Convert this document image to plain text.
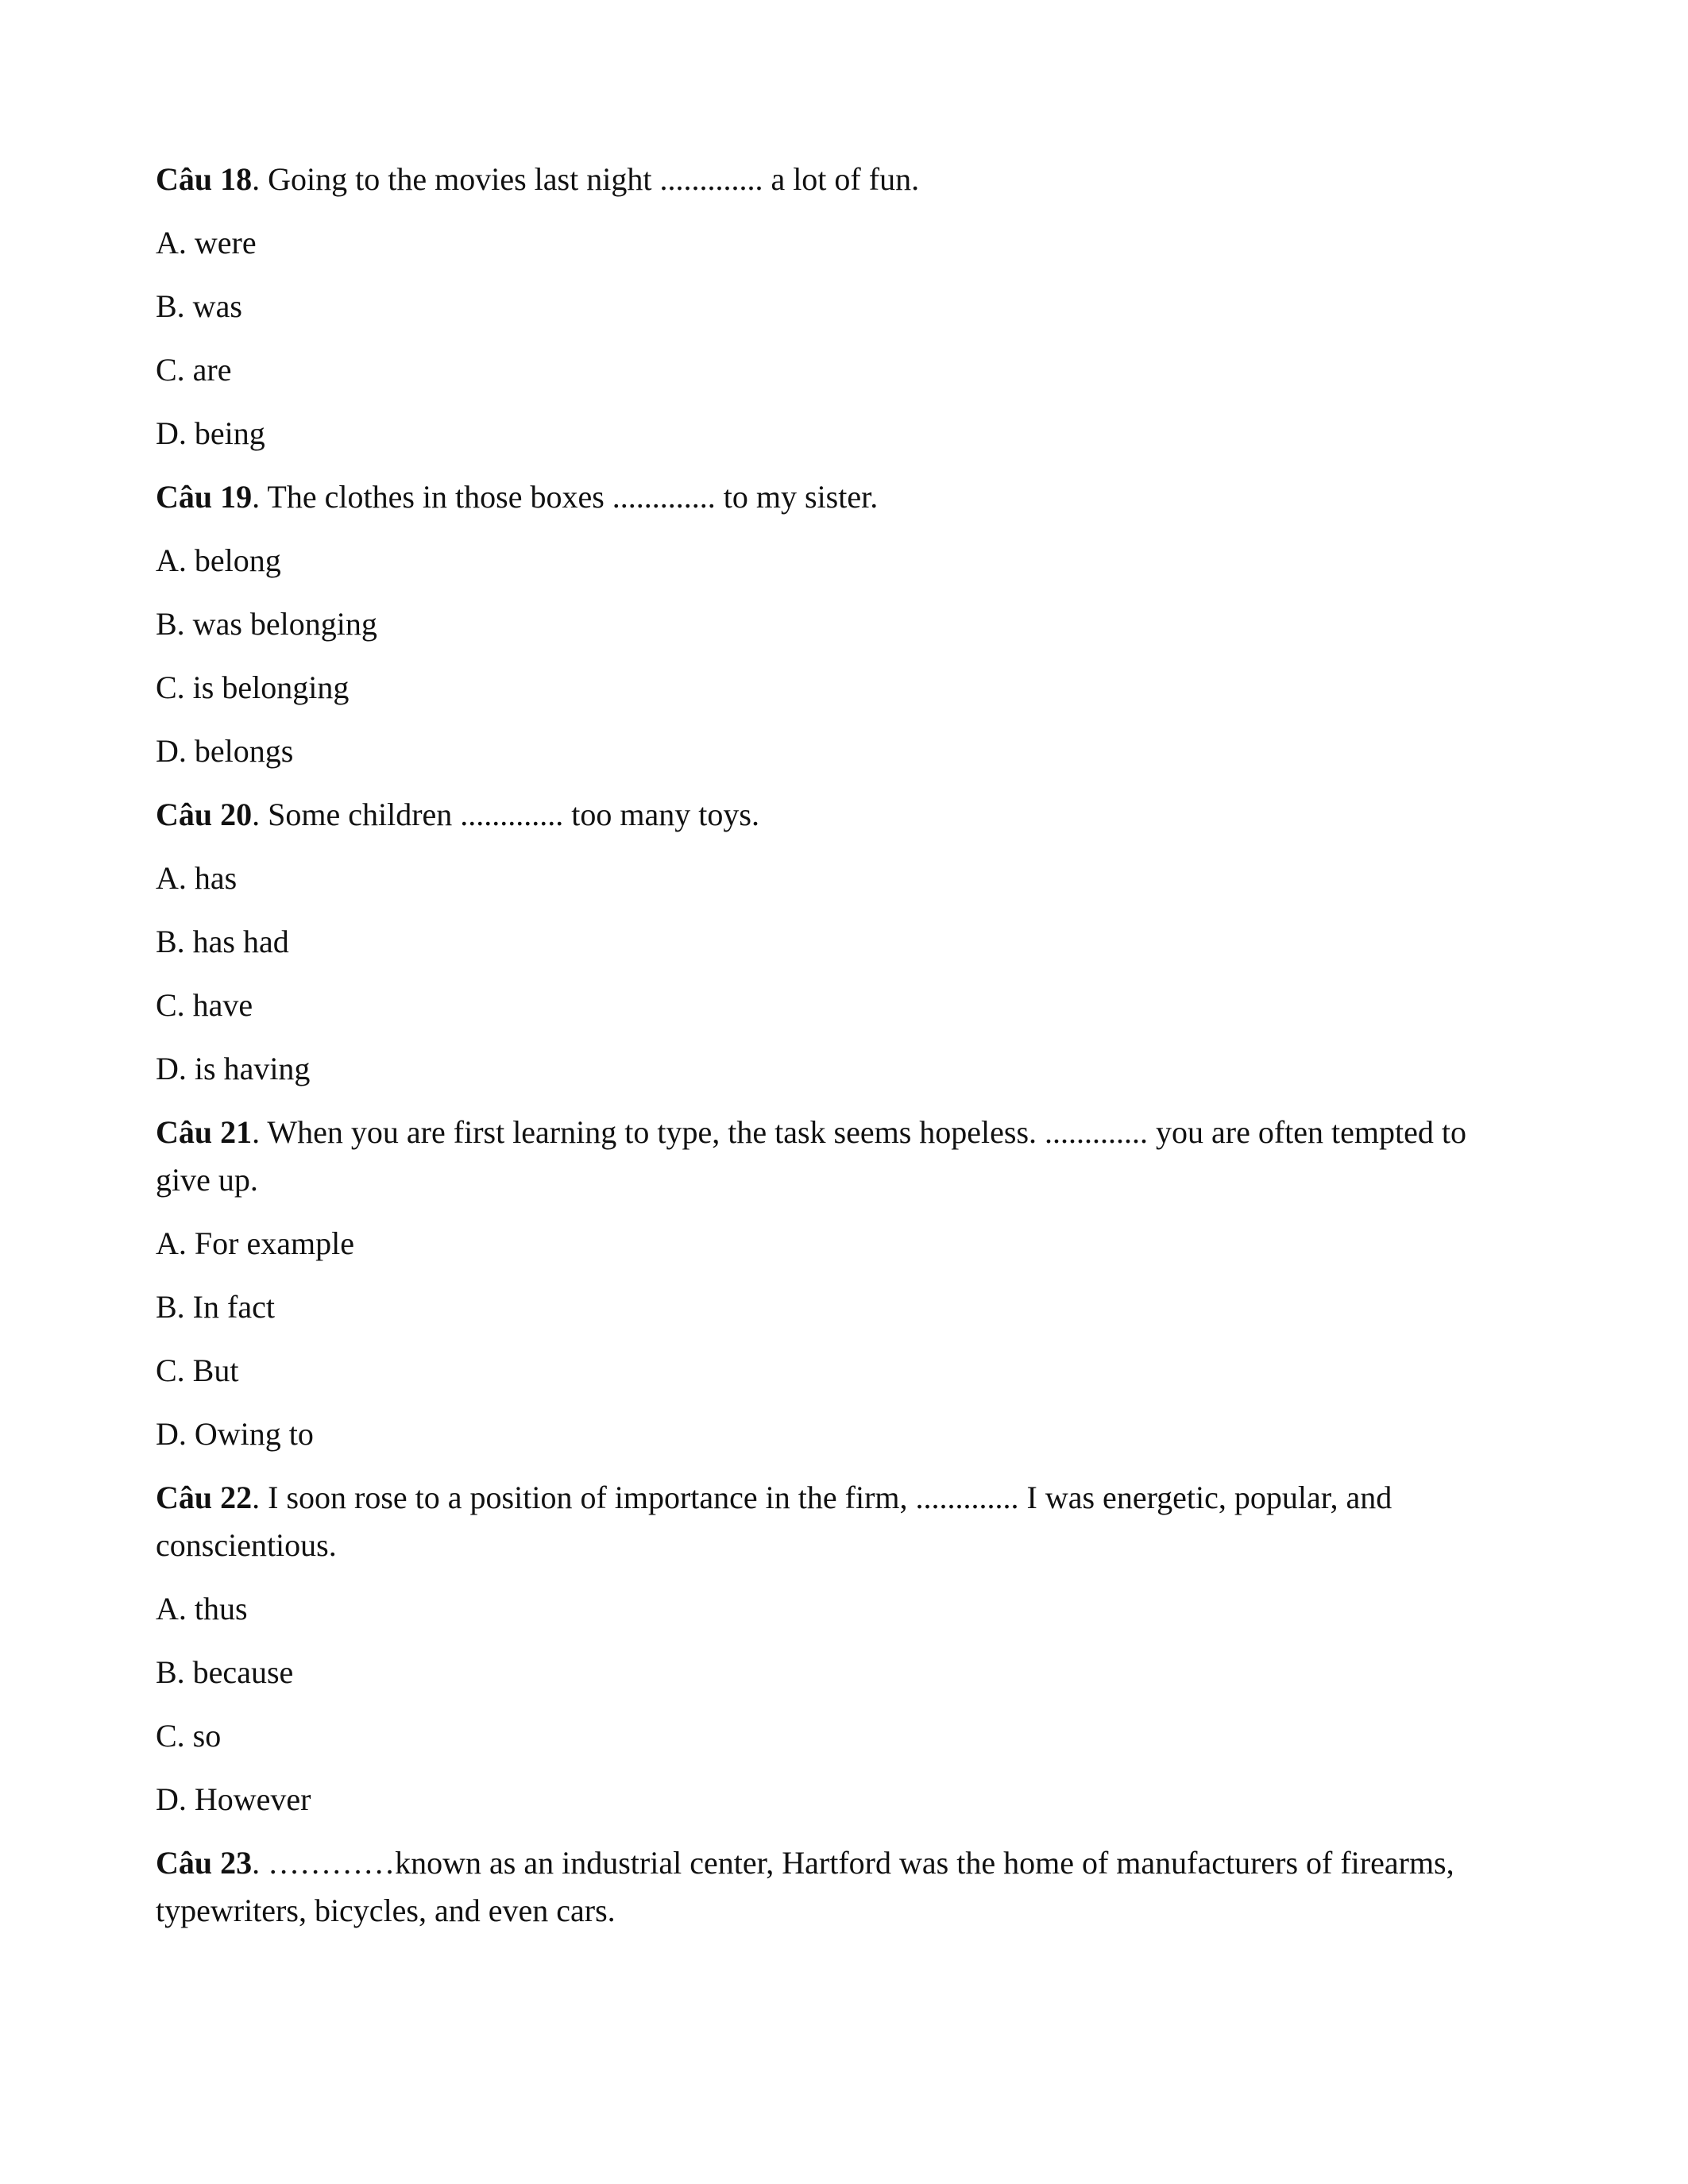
Câu 18. Going to the movies last night ............. a lot of fun.

A. were

B. was

C. are

D. being

Câu 19. The clothes in those boxes ............. to my sister.

A. belong

B. was belonging

C. is belonging

D. belongs

Câu 20. Some children ............. too many toys.

A. has

B. has had

C. have

D. is having

Câu 21. When you are first learning to type, the task seems hopeless. ............. you are often tempted to give up.

A. For example

B. In fact

C. But

D. Owing to

Câu 22. I soon rose to a position of importance in the firm, ............. I was energetic, popular, and conscientious.

A. thus

B. because

C. so

D. However

Câu 23. …………known as an industrial center, Hartford was the home of manufacturers of firearms, typewriters, bicycles, and even cars.
